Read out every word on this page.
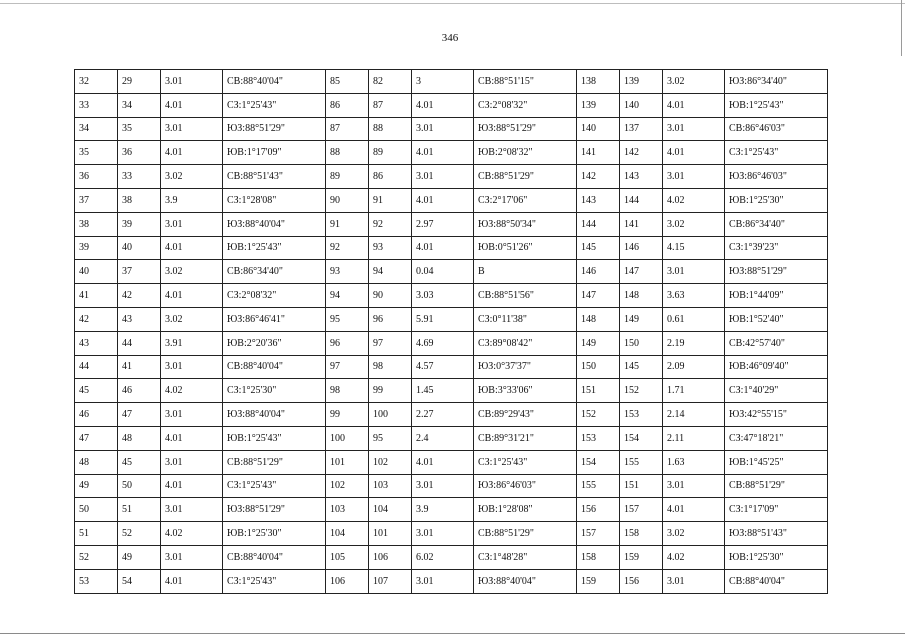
346
32	29	3.01	СВ:88°40'04"	85	82	3	СВ:88°51'15"	138	139	3.02	ЮЗ:86°34'40"
33	34	4.01	СЗ:1°25'43"	86	87	4.01	СЗ:2°08'32"	139	140	4.01	ЮВ:1°25'43"
34	35	3.01	ЮЗ:88°51'29"	87	88	3.01	ЮЗ:88°51'29"	140	137	3.01	СВ:86°46'03"
35	36	4.01	ЮВ:1°17'09"	88	89	4.01	ЮВ:2°08'32"	141	142	4.01	СЗ:1°25'43"
36	33	3.02	СВ:88°51'43"	89	86	3.01	СВ:88°51'29"	142	143	3.01	ЮЗ:86°46'03"
37	38	3.9	СЗ:1°28'08"	90	91	4.01	СЗ:2°17'06"	143	144	4.02	ЮВ:1°25'30"
38	39	3.01	ЮЗ:88°40'04"	91	92	2.97	ЮЗ:88°50'34"	144	141	3.02	СВ:86°34'40"
39	40	4.01	ЮВ:1°25'43"	92	93	4.01	ЮВ:0°51'26"	145	146	4.15	СЗ:1°39'23"
40	37	3.02	СВ:86°34'40"	93	94	0.04	В	146	147	3.01	ЮЗ:88°51'29"
41	42	4.01	СЗ:2°08'32"	94	90	3.03	СВ:88°51'56"	147	148	3.63	ЮВ:1°44'09"
42	43	3.02	ЮЗ:86°46'41"	95	96	5.91	СЗ:0°11'38"	148	149	0.61	ЮВ:1°52'40"
43	44	3.91	ЮВ:2°20'36"	96	97	4.69	СЗ:89°08'42"	149	150	2.19	СВ:42°57'40"
44	41	3.01	СВ:88°40'04"	97	98	4.57	ЮЗ:0°37'37"	150	145	2.09	ЮВ:46°09'40"
45	46	4.02	СЗ:1°25'30"	98	99	1.45	ЮВ:3°33'06"	151	152	1.71	СЗ:1°40'29"
46	47	3.01	ЮЗ:88°40'04"	99	100	2.27	СВ:89°29'43"	152	153	2.14	ЮЗ:42°55'15"
47	48	4.01	ЮВ:1°25'43"	100	95	2.4	СВ:89°31'21"	153	154	2.11	СЗ:47°18'21"
48	45	3.01	СВ:88°51'29"	101	102	4.01	СЗ:1°25'43"	154	155	1.63	ЮВ:1°45'25"
49	50	4.01	СЗ:1°25'43"	102	103	3.01	ЮЗ:86°46'03"	155	151	3.01	СВ:88°51'29"
50	51	3.01	ЮЗ:88°51'29"	103	104	3.9	ЮВ:1°28'08"	156	157	4.01	СЗ:1°17'09"
51	52	4.02	ЮВ:1°25'30"	104	101	3.01	СВ:88°51'29"	157	158	3.02	ЮЗ:88°51'43"
52	49	3.01	СВ:88°40'04"	105	106	6.02	СЗ:1°48'28"	158	159	4.02	ЮВ:1°25'30"
53	54	4.01	СЗ:1°25'43"	106	107	3.01	ЮЗ:88°40'04"	159	156	3.01	СВ:88°40'04"
